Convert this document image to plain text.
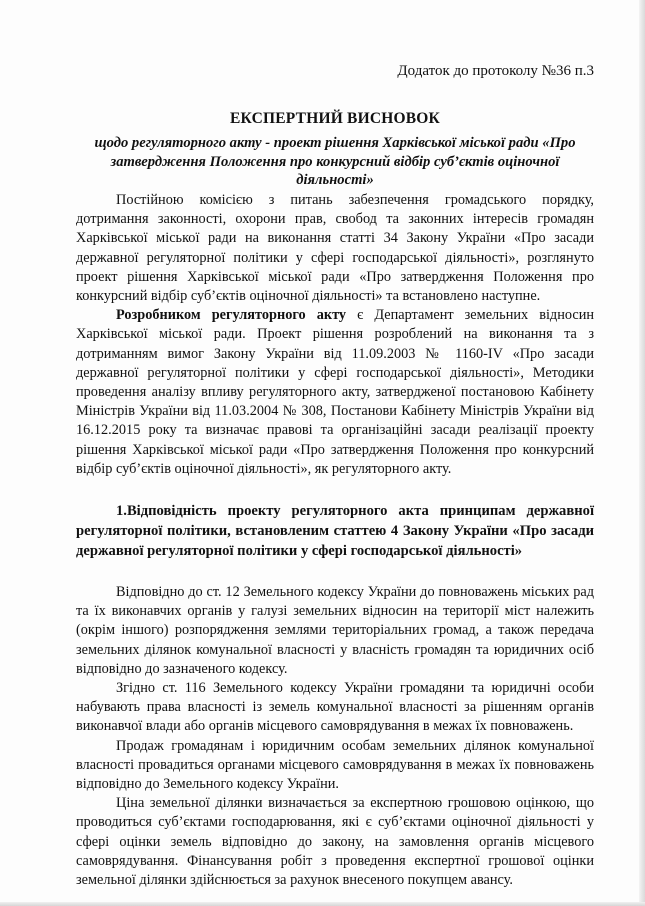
Додаток до протоколу №36 п.3
ЕКСПЕРТНИЙ ВИСНОВОК
щодо регуляторного акту - проект рішення Харківської міської ради «Про затвердження Положення про конкурсний відбір суб’єктів оціночної діяльності»

Постійною комісією з питань забезпечення громадського порядку, дотримання законності, охорони прав, свобод та законних інтересів громадян Харківської міської ради на виконання статті 34 Закону України «Про засади державної регуляторної політики у сфері господарської діяльності», розглянуто проект рішення Харківської міської ради «Про затвердження Положення про конкурсний відбір суб’єктів оціночної діяльності» та встановлено наступне.

Розробником регуляторного акту є Департамент земельних відносин Харківської міської ради. Проект рішення розроблений на виконання та з дотриманням вимог Закону України від 11.09.2003 № 1160-IV «Про засади державної регуляторної політики у сфері господарської діяльності», Методики проведення аналізу впливу регуляторного акту, затвердженої постановою Кабінету Міністрів України від 11.03.2004 № 308, Постанови Кабінету Міністрів України від 16.12.2015 року та визначає правові та організаційні засади реалізації проекту рішення Харківської міської ради «Про затвердження Положення про конкурсний відбір суб’єктів оціночної діяльності», як регуляторного акту.

1.Відповідність проекту регуляторного акта принципам державної регуляторної політики, встановленим статтею 4 Закону України «Про засади державної регуляторної політики у сфері господарської діяльності»

Відповідно до ст. 12 Земельного кодексу України до повноважень міських рад та їх виконавчих органів у галузі земельних відносин на території міст належить (окрім іншого) розпорядження землями територіальних громад, а також передача земельних ділянок комунальної власності у власність громадян та юридичних осіб відповідно до зазначеного кодексу.

Згідно ст. 116 Земельного кодексу України громадяни та юридичні особи набувають права власності із земель комунальної власності за рішенням органів виконавчої влади або органів місцевого самоврядування в межах їх повноважень.

Продаж громадянам і юридичним особам земельних ділянок комунальної власності провадиться органами місцевого самоврядування в межах їх повноважень відповідно до Земельного кодексу України.

Ціна земельної ділянки визначається за експертною грошовою оцінкою, що проводиться суб’єктами господарювання, які є суб’єктами оціночної діяльності у сфері оцінки земель відповідно до закону, на замовлення органів місцевого самоврядування. Фінансування робіт з проведення експертної грошової оцінки земельної ділянки здійснюється за рахунок внесеного покупцем авансу.
